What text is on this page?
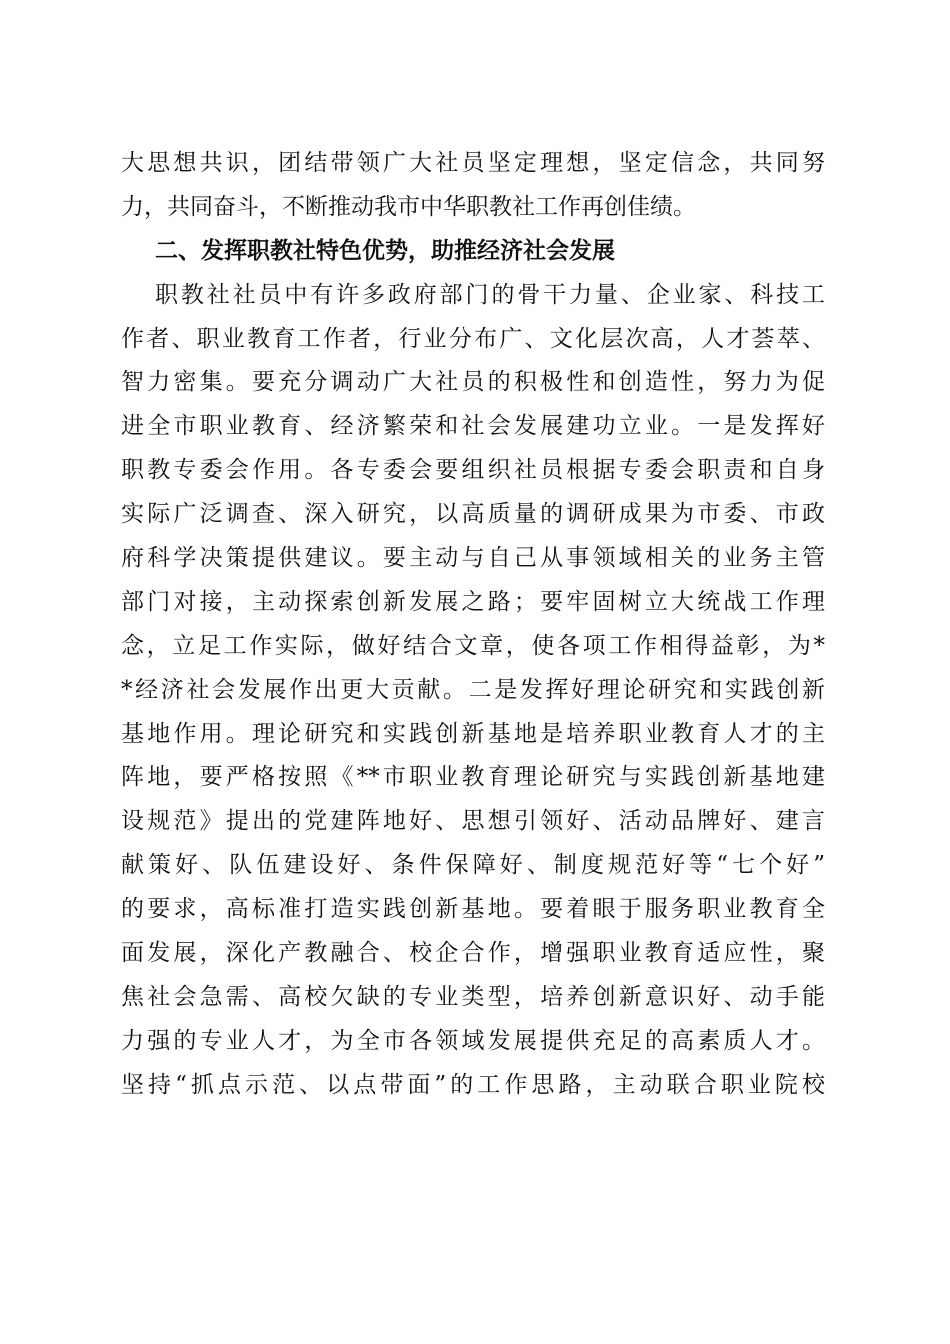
大思想共识，团结带领广大社员坚定理想，坚定信念，共同努
力，共同奋斗，不断推动我市中华职教社工作再创佳绩。
二、发挥职教社特色优势，助推经济社会发展
职教社社员中有许多政府部门的骨干力量、企业家、科技工
作者、职业教育工作者，行业分布广、文化层次高，人才荟萃、
智力密集。要充分调动广大社员的积极性和创造性，努力为促
进全市职业教育、经济繁荣和社会发展建功立业。一是发挥好
职教专委会作用。各专委会要组织社员根据专委会职责和自身
实际广泛调查、深入研究，以高质量的调研成果为市委、市政
府科学决策提供建议。要主动与自己从事领域相关的业务主管
部门对接，主动探索创新发展之路；要牢固树立大统战工作理
念，立足工作实际，做好结合文章，使各项工作相得益彰，为*
*经济社会发展作出更大贡献。二是发挥好理论研究和实践创新
基地作用。理论研究和实践创新基地是培养职业教育人才的主
阵地，要严格按照《**市职业教育理论研究与实践创新基地建
设规范》提出的党建阵地好、思想引领好、活动品牌好、建言
献策好、队伍建设好、条件保障好、制度规范好等“七个好”
的要求，高标准打造实践创新基地。要着眼于服务职业教育全
面发展，深化产教融合、校企合作，增强职业教育适应性，聚
焦社会急需、高校欠缺的专业类型，培养创新意识好、动手能
力强的专业人才，为全市各领域发展提供充足的高素质人才。
坚持“抓点示范、以点带面”的工作思路，主动联合职业院校
